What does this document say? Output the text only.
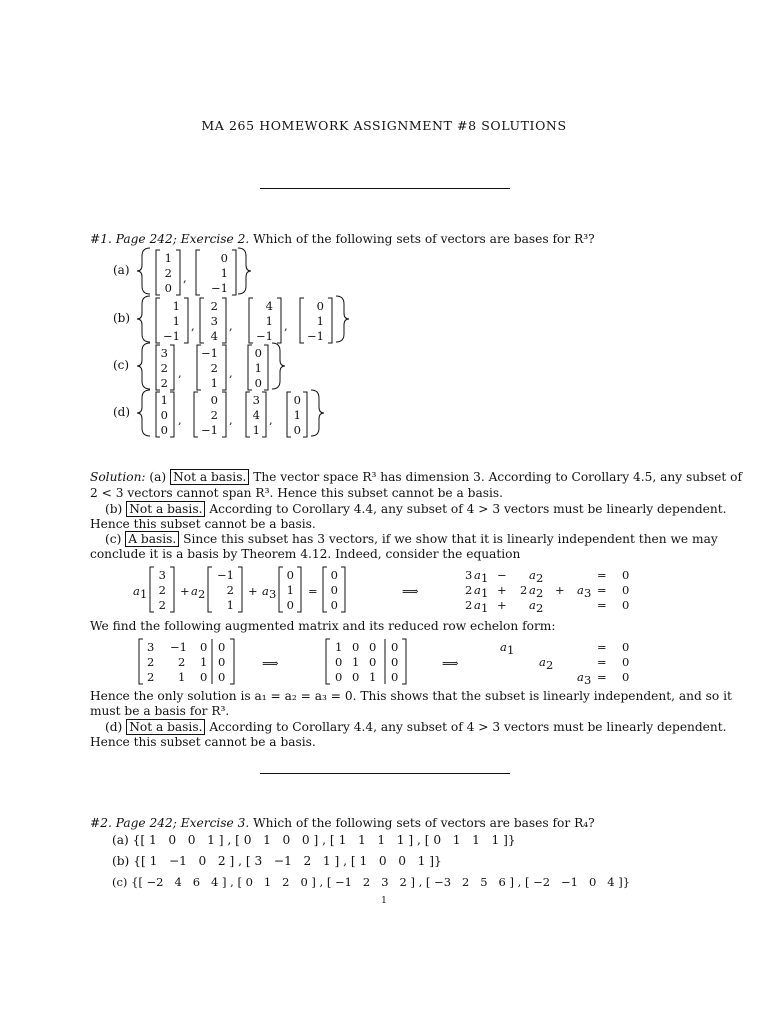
MA 265 HOMEWORK ASSIGNMENT #8 SOLUTIONS
#1. Page 242; Exercise 2. Which of the following sets of vectors are bases for R³?
(a)
1
2
0
,
0
1
−1
(b)
1
1
−1
,
2
3
4
,
4
1
−1
,
0
1
−1
(c)
3
2
2
,
−1
2
1
,
0
1
0
(d)
1
0
0
,
0
2
−1
,
3
4
1
,
0
1
0
Solution: (a) Not a basis. The vector space R³ has dimension 3. According to Corollary 4.5, any subset of
2 < 3 vectors cannot span R³. Hence this subset cannot be a basis.
(b) Not a basis. According to Corollary 4.4, any subset of 4 > 3 vectors must be linearly dependent.
Hence this subset cannot be a basis.
(c) A basis. Since this subset has 3 vectors, if we show that it is linearly independent then we may
conclude it is a basis by Theorem 4.12. Indeed, consider the equation
a 1
3
2
2
+ a 2
−1
2
1
+ a 3
0
1
0
=
0
0
0
⟹
3 a 1 − a 2	= 0
2 a 1 + 2 a 2 + a 3 = 0
2 a 1 + a 2	= 0
We find the following augmented matrix and its reduced row echelon form:
3 −1 0 0
2 2 1 0
2 1 0 0
⟹
1 0 0 0
0 1 0 0
0 0 1 0
⟹
a 1	= 0
a 2	= 0
a 3 = 0
Hence the only solution is a₁ = a₂ = a₃ = 0. This shows that the subset is linearly independent, and so it
must be a basis for R³.
(d) Not a basis. According to Corollary 4.4, any subset of 4 > 3 vectors must be linearly dependent.
Hence this subset cannot be a basis.
#2. Page 242; Exercise 3. Which of the following sets of vectors are bases for R₄?
(a) {[ 1   0   0   1 ] , [ 0   1   0   0 ] , [ 1   1   1   1 ] , [ 0   1   1   1 ]}
(b) {[ 1   −1   0   2 ] , [ 3   −1   2   1 ] , [ 1   0   0   1 ]}
(c) {[ −2   4   6   4 ] , [ 0   1   2   0 ] , [ −1   2   3   2 ] , [ −3   2   5   6 ] , [ −2   −1   0   4 ]}
1
